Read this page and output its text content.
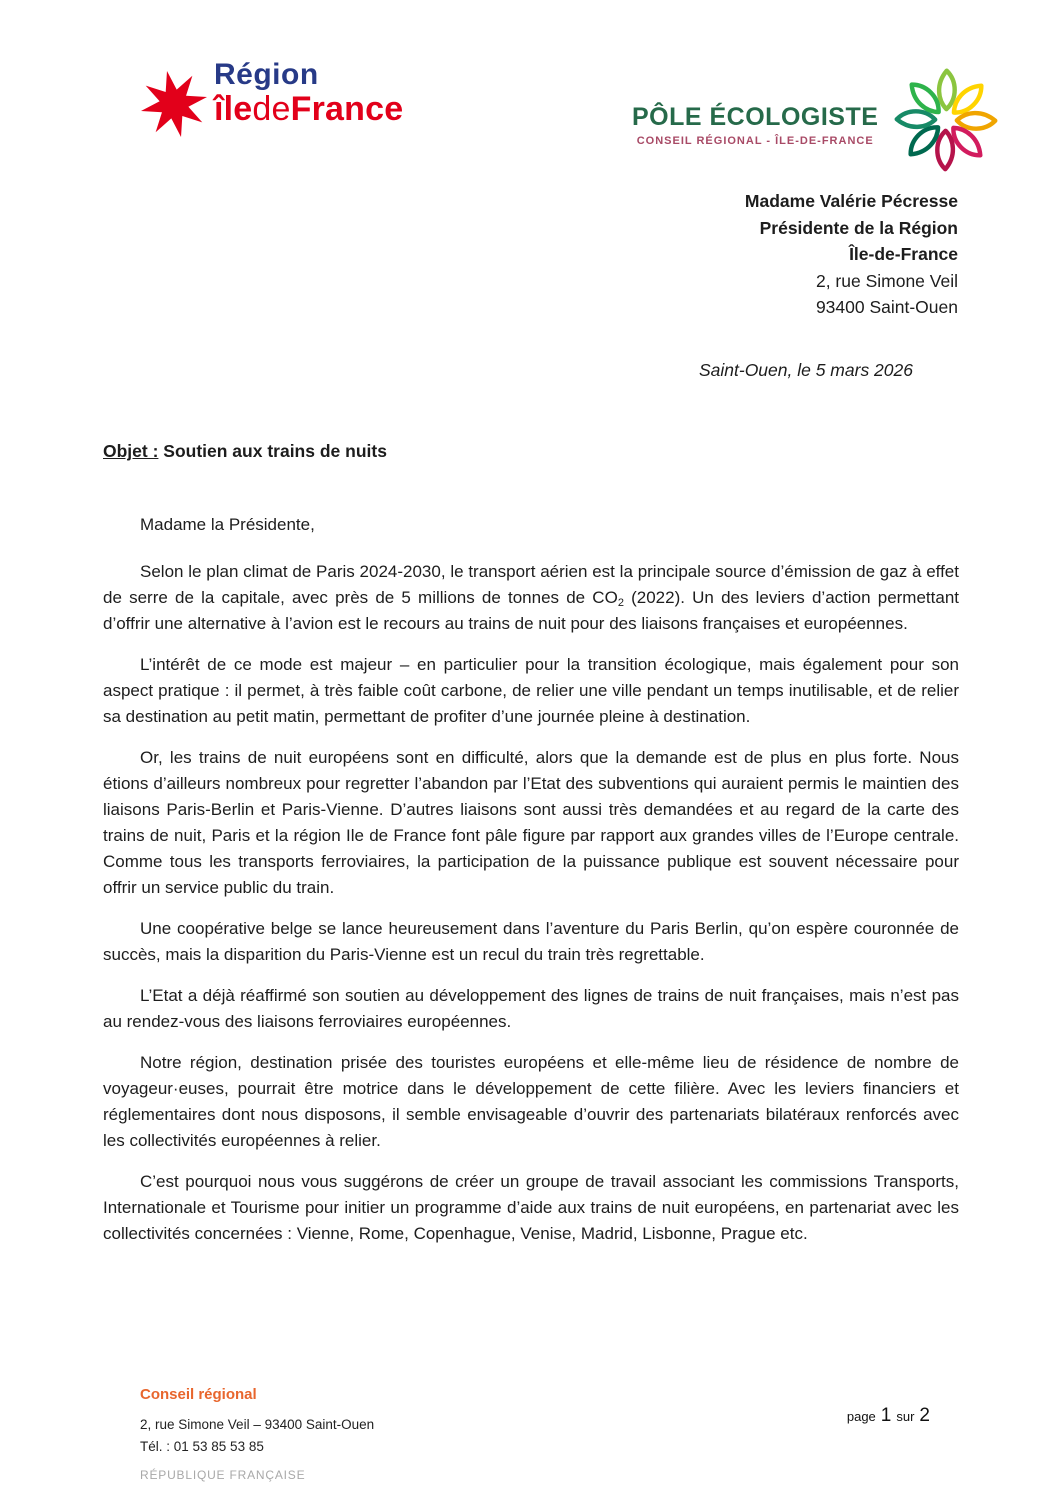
Région
îledeFrance	PÔLE ÉCOLOGISTE
CONSEIL RÉGIONAL - ÎLE-DE-FRANCE
Madame Valérie Pécresse
Présidente de la Région
Île-de-France
2, rue Simone Veil
93400 Saint-Ouen
Saint-Ouen, le 5 mars 2026
Objet : Soutien aux trains de nuits

Madame la Présidente,

Selon le plan climat de Paris 2024-2030, le transport aérien est la principale source d’émission de gaz à effet de serre de la capitale, avec près de 5 millions de tonnes de $CO_2$ (2022). Un des leviers d’action permettant d’offrir une alternative à l’avion est le recours au trains de nuit pour des liaisons françaises et européennes.

L’intérêt de ce mode est majeur – en particulier pour la transition écologique, mais également pour son aspect pratique : il permet, à très faible coût carbone, de relier une ville pendant un temps inutilisable, et de relier sa destination au petit matin, permettant de profiter d’une journée pleine à destination.

Or, les trains de nuit européens sont en difficulté, alors que la demande est de plus en plus forte. Nous étions d’ailleurs nombreux pour regretter l’abandon par l’Etat des subventions qui auraient permis le maintien des liaisons Paris-Berlin et Paris-Vienne. D’autres liaisons sont aussi très demandées et au regard de la carte des trains de nuit, Paris et la région Ile de France font pâle figure par rapport aux grandes villes de l’Europe centrale. Comme tous les transports ferroviaires, la participation de la puissance publique est souvent nécessaire pour offrir un service public du train.

Une coopérative belge se lance heureusement dans l’aventure du Paris Berlin, qu’on espère couronnée de succès, mais la disparition du Paris-Vienne est un recul du train très regrettable.

L’Etat a déjà réaffirmé son soutien au développement des lignes de trains de nuit françaises, mais n’est pas au rendez-vous des liaisons ferroviaires européennes.

Notre région, destination prisée des touristes européens et elle-même lieu de résidence de nombre de voyageur·euses, pourrait être motrice dans le développement de cette filière. Avec les leviers financiers et réglementaires dont nous disposons, il semble envisageable d’ouvrir des partenariats bilatéraux renforcés avec les collectivités européennes à relier.

C’est pourquoi nous vous suggérons de créer un groupe de travail associant les commissions Transports, Internationale et Tourisme pour initier un programme d’aide aux trains de nuit européens, en partenariat avec les collectivités concernées : Vienne, Rome, Copenhague, Venise, Madrid, Lisbonne, Prague etc.

Conseil régional
2, rue Simone Veil – 93400 Saint-Ouen
Tél. : 01 53 85 53 85
RÉPUBLIQUE FRANÇAISE
page 1 sur 2
